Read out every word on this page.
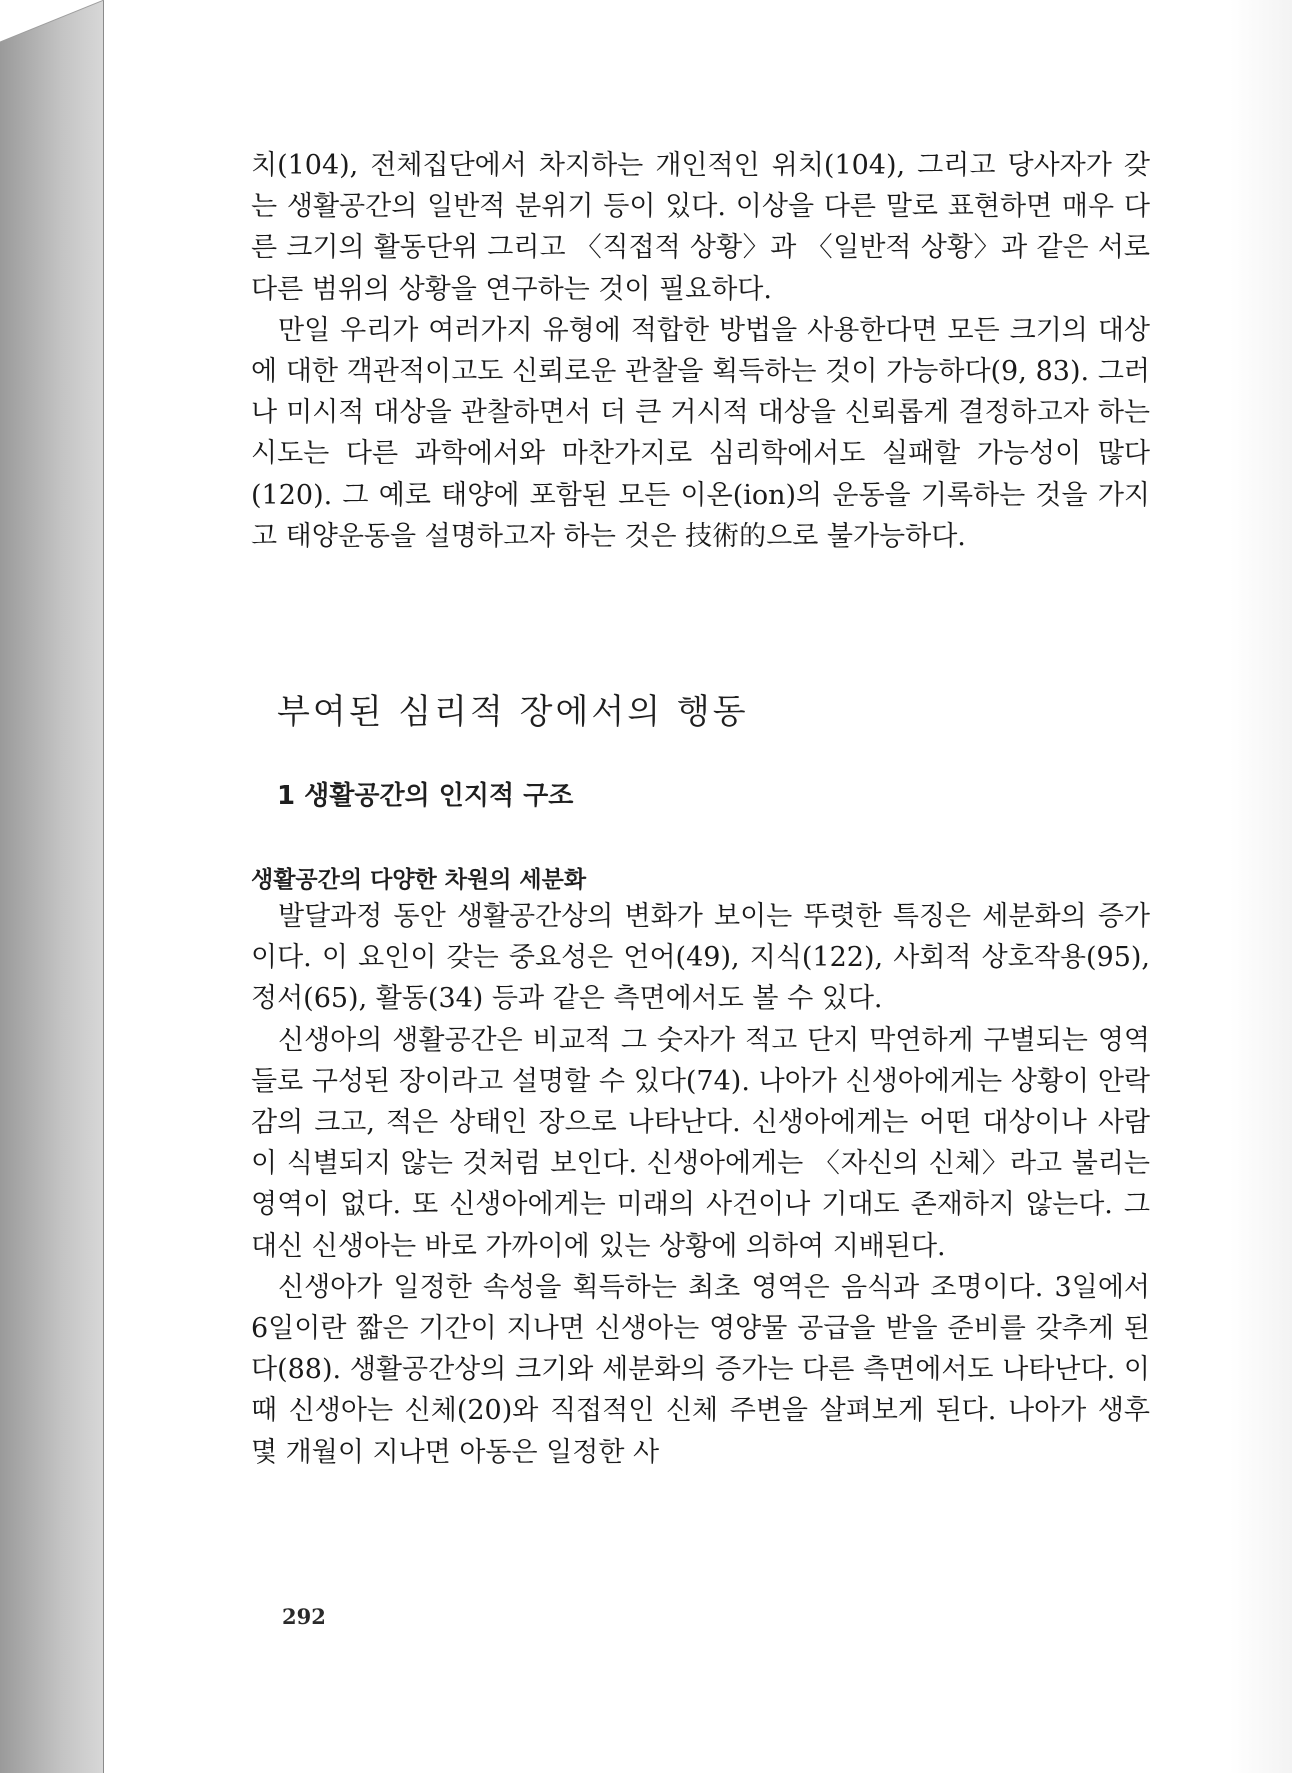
치(104), 전체집단에서 차지하는 개인적인 위치(104), 그리고 당사자가 갖는 생활공간의 일반적 분위기 등이 있다. 이상을 다른 말로 표현하면 매우 다른 크기의 활동단위 그리고 〈직접적 상황〉과 〈일반적 상황〉과 같은 서로 다른 범위의 상황을 연구하는 것이 필요하다.

만일 우리가 여러가지 유형에 적합한 방법을 사용한다면 모든 크기의 대상에 대한 객관적이고도 신뢰로운 관찰을 획득하는 것이 가능하다(9, 83). 그러나 미시적 대상을 관찰하면서 더 큰 거시적 대상을 신뢰롭게 결정하고자 하는 시도는 다른 과학에서와 마찬가지로 심리학에서도 실패할 가능성이 많다(120). 그 예로 태양에 포함된 모든 이온(ion)의 운동을 기록하는 것을 가지고 태양운동을 설명하고자 하는 것은 技術的으로 불가능하다.

부여된 심리적 장에서의 행동
1 생활공간의 인지적 구조
생활공간의 다양한 차원의 세분화

발달과정 동안 생활공간상의 변화가 보이는 뚜렷한 특징은 세분화의 증가이다. 이 요인이 갖는 중요성은 언어(49), 지식(122), 사회적 상호작용(95), 정서(65), 활동(34) 등과 같은 측면에서도 볼 수 있다.

신생아의 생활공간은 비교적 그 숫자가 적고 단지 막연하게 구별되는 영역들로 구성된 장이라고 설명할 수 있다(74). 나아가 신생아에게는 상황이 안락감의 크고, 적은 상태인 장으로 나타난다. 신생아에게는 어떤 대상이나 사람이 식별되지 않는 것처럼 보인다. 신생아에게는 〈자신의 신체〉라고 불리는 영역이 없다. 또 신생아에게는 미래의 사건이나 기대도 존재하지 않는다. 그대신 신생아는 바로 가까이에 있는 상황에 의하여 지배된다.

신생아가 일정한 속성을 획득하는 최초 영역은 음식과 조명이다. 3일에서 6일이란 짧은 기간이 지나면 신생아는 영양물 공급을 받을 준비를 갖추게 된다(88). 생활공간상의 크기와 세분화의 증가는 다른 측면에서도 나타난다. 이때 신생아는 신체(20)와 직접적인 신체 주변을 살펴보게 된다. 나아가 생후 몇 개월이 지나면 아동은 일정한 사

292
